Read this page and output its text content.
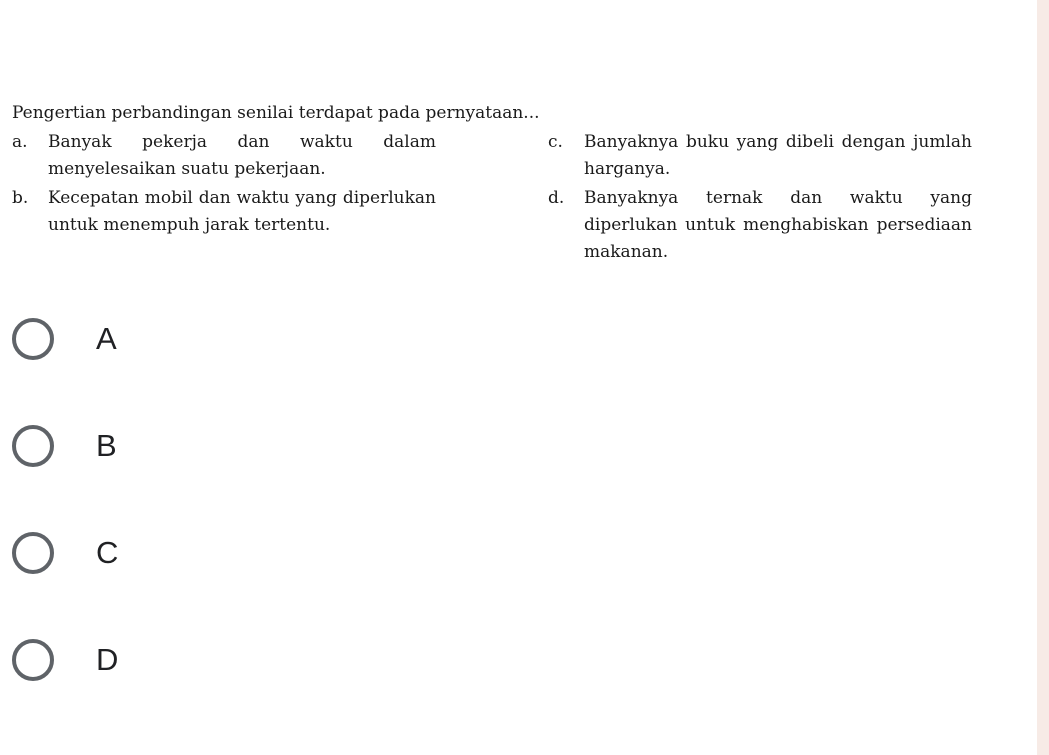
Pengertian perbandingan senilai terdapat pada pernyataan...
a.	Banyak pekerja dan waktu dalam menyelesaikan suatu pekerjaan.
c.	Banyaknya buku yang dibeli dengan jumlah harganya.
b.	Kecepatan mobil dan waktu yang diperlukan untuk menempuh jarak tertentu.
d.	Banyaknya ternak dan waktu yang diperlukan untuk menghabiskan persediaan makanan.
A
B
C
D
